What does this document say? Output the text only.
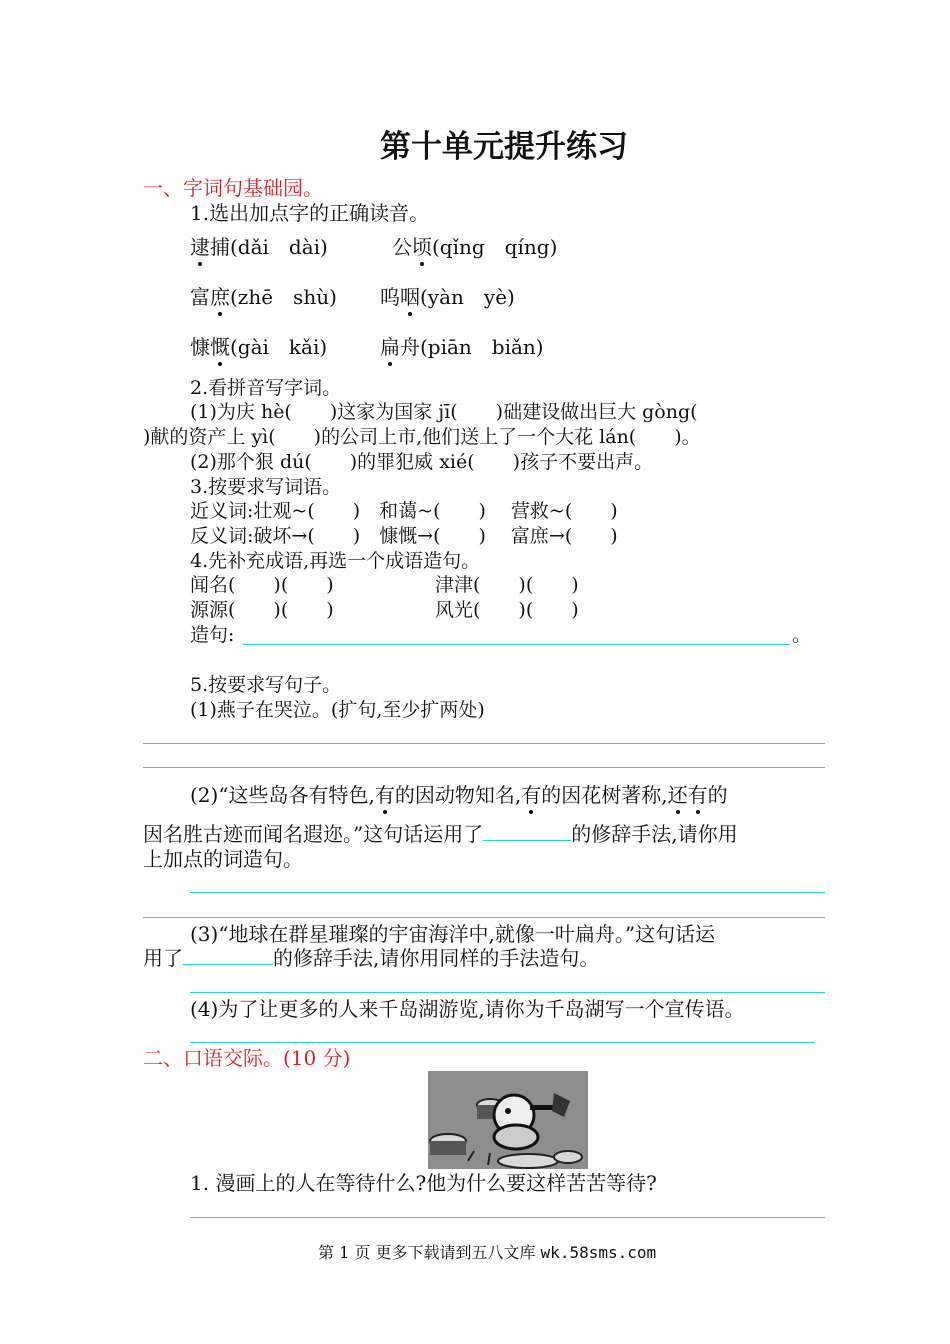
第十单元提升练习
一、字词句基础园。
1.选出加点字的正确读音。
逮捕(dǎi　dài)	公顷(qǐng　qíng)
富庶(zhē　shù) 呜咽(yàn　yè)
慷慨(gài　kǎi)	扁舟(piān　biǎn)
2.看拼音写字词。
(1)为庆 hè(　　)这家为国家 jī(　　)础建设做出巨大 gòng(
)献的资产上 yì(　　)的公司上市,他们送上了一个大花 lán(　　)。
(2)那个狠 dú(　　)的罪犯威 xié(　　)孩子不要出声。
3.按要求写词语。
近义词:壮观~(　　)　和蔼~(　　)　 营救~(　　)
反义词:破坏→(　　)　慷慨→(　　)　 富庶→(　　)
4.先补充成语,再选一个成语造句。
闻名(　　)(　　)	津津(　　)(　　)
源源(　　)(　　)	风光(　　)(　　)
造句:	。
5.按要求写句子。
(1)燕子在哭泣。(扩句,至少扩两处)
(2)“这些岛各有特色,有的因动物知名,有的因花树著称,还有的
因名胜古迹而闻名遐迩。”这句话运用了	的修辞手法,请你用
上加点的词造句。
(3)“地球在群星璀璨的宇宙海洋中,就像一叶扁舟。”这句话运
用了	的修辞手法,请你用同样的手法造句。
(4)为了让更多的人来千岛湖游览,请你为千岛湖写一个宣传语。
二、口语交际。(10 分)
1. 漫画上的人在等待什么?他为什么要这样苦苦等待?
第 1 页 更多下载请到五八文库 wk.58sms.com
